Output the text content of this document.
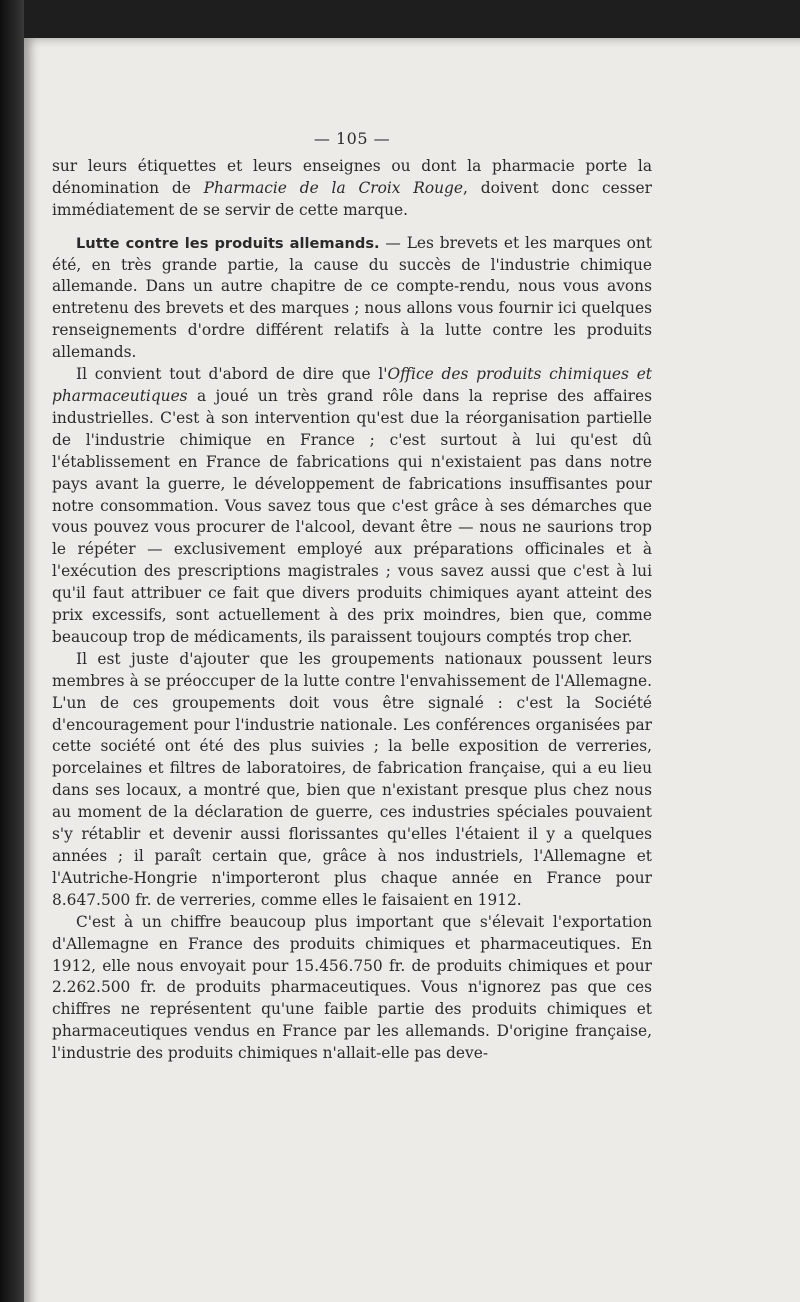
— 105 —

sur leurs étiquettes et leurs enseignes ou dont la pharmacie porte la dénomination de Pharmacie de la Croix Rouge, doivent donc cesser immédiatement de se servir de cette marque.

Lutte contre les produits allemands. — Les brevets et les marques ont été, en très grande partie, la cause du succès de l'industrie chimique allemande. Dans un autre chapitre de ce compte-rendu, nous vous avons entretenu des brevets et des marques ; nous allons vous fournir ici quelques renseignements d'ordre différent relatifs à la lutte contre les produits allemands.

Il convient tout d'abord de dire que l'Office des produits chimiques et pharmaceutiques a joué un très grand rôle dans la reprise des affaires industrielles. C'est à son intervention qu'est due la réorganisation partielle de l'industrie chimique en France ; c'est surtout à lui qu'est dû l'établissement en France de fabrications qui n'existaient pas dans notre pays avant la guerre, le développement de fabrications insuffisantes pour notre consommation. Vous savez tous que c'est grâce à ses démarches que vous pouvez vous procurer de l'alcool, devant être — nous ne saurions trop le répéter — exclusivement employé aux préparations officinales et à l'exécution des prescriptions magistrales ; vous savez aussi que c'est à lui qu'il faut attribuer ce fait que divers produits chimiques ayant atteint des prix excessifs, sont actuellement à des prix moindres, bien que, comme beaucoup trop de médicaments, ils paraissent toujours comptés trop cher.

Il est juste d'ajouter que les groupements nationaux poussent leurs membres à se préoccuper de la lutte contre l'envahissement de l'Allemagne. L'un de ces groupements doit vous être signalé : c'est la Société d'encouragement pour l'industrie nationale. Les conférences organisées par cette société ont été des plus suivies ; la belle exposition de verreries, porcelaines et filtres de laboratoires, de fabrication française, qui a eu lieu dans ses locaux, a montré que, bien que n'existant presque plus chez nous au moment de la déclaration de guerre, ces industries spéciales pouvaient s'y rétablir et devenir aussi florissantes qu'elles l'étaient il y a quelques années ; il paraît certain que, grâce à nos industriels, l'Allemagne et l'Autriche-Hongrie n'importeront plus chaque année en France pour 8.647.500 fr. de verreries, comme elles le faisaient en 1912.

C'est à un chiffre beaucoup plus important que s'élevait l'exportation d'Allemagne en France des produits chimiques et pharmaceutiques. En 1912, elle nous envoyait pour 15.456.750 fr. de produits chimiques et pour 2.262.500 fr. de produits pharmaceutiques. Vous n'ignorez pas que ces chiffres ne représentent qu'une faible partie des produits chimiques et pharmaceutiques vendus en France par les allemands. D'origine française, l'industrie des produits chimiques n'allait-elle pas deve-
